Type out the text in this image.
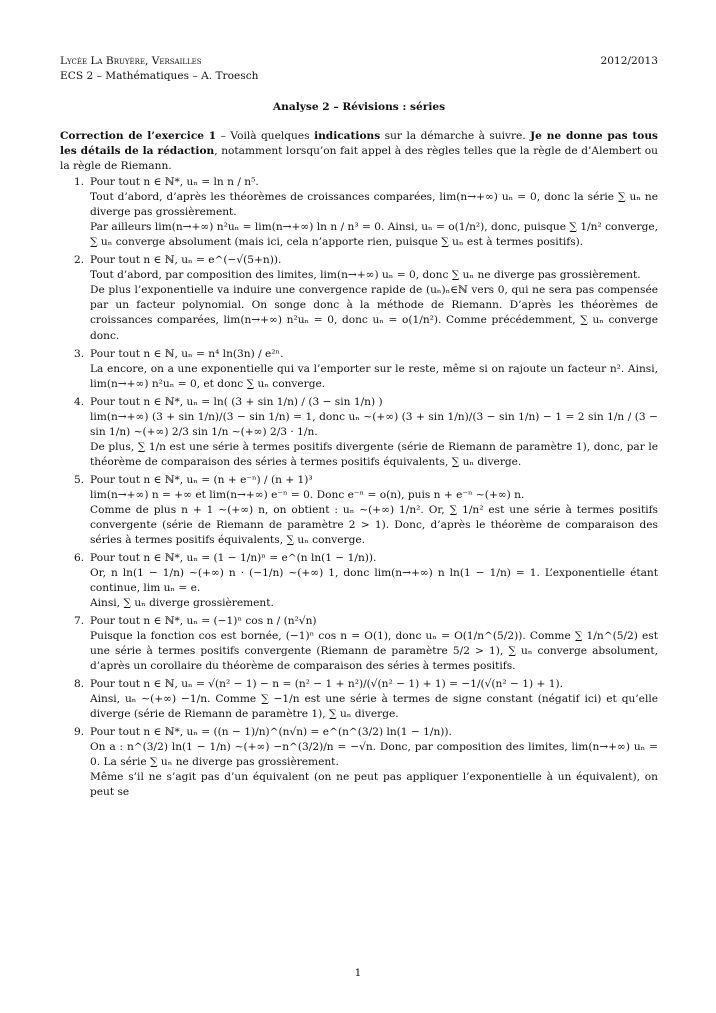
Lycée La Bruyère, Versailles	2012/2013
ECS 2 – Mathématiques – A. Troesch
Analyse 2 – Révisions : séries

Correction de l’exercice 1 – Voilà quelques indications sur la démarche à suivre. Je ne donne pas tous les détails de la rédaction, notamment lorsqu’on fait appel à des règles telles que la règle de d’Alembert ou la règle de Riemann.

1. Pour tout n ∈ ℕ*, uₙ = ln n / n⁵.
Tout d’abord, d’après les théorèmes de croissances comparées, lim(n→+∞) uₙ = 0, donc la série ∑ uₙ ne diverge pas grossièrement.
Par ailleurs lim(n→+∞) n²uₙ = lim(n→+∞) ln n / n³ = 0. Ainsi, uₙ = o(1/n²), donc, puisque ∑ 1/n² converge, ∑ uₙ converge absolument (mais ici, cela n’apporte rien, puisque ∑ uₙ est à termes positifs).
2. Pour tout n ∈ ℕ, uₙ = e^(−√(5+n)).
Tout d’abord, par composition des limites, lim(n→+∞) uₙ = 0, donc ∑ uₙ ne diverge pas grossièrement.
De plus l’exponentielle va induire une convergence rapide de (uₙ)ₙ∈ℕ vers 0, qui ne sera pas compensée par un facteur polynomial. On songe donc à la méthode de Riemann. D’après les théorèmes de croissances comparées, lim(n→+∞) n²uₙ = 0, donc uₙ = o(1/n²). Comme précédemment, ∑ uₙ converge donc.
3. Pour tout n ∈ ℕ, uₙ = n⁴ ln(3n) / e²ⁿ.
La encore, on a une exponentielle qui va l’emporter sur le reste, même si on rajoute un facteur n². Ainsi, lim(n→+∞) n²uₙ = 0, et donc ∑ uₙ converge.
4. Pour tout n ∈ ℕ*, uₙ = ln( (3 + sin 1/n) / (3 − sin 1/n) )
lim(n→+∞) (3 + sin 1/n)/(3 − sin 1/n) = 1, donc uₙ ∼(+∞) (3 + sin 1/n)/(3 − sin 1/n) − 1 = 2 sin 1/n / (3 − sin 1/n) ∼(+∞) 2/3 sin 1/n ∼(+∞) 2/3 · 1/n.
De plus, ∑ 1/n est une série à termes positifs divergente (série de Riemann de paramètre 1), donc, par le théorème de comparaison des séries à termes positifs équivalents, ∑ uₙ diverge.
5. Pour tout n ∈ ℕ*, uₙ = (n + e⁻ⁿ) / (n + 1)³
lim(n→+∞) n = +∞ et lim(n→+∞) e⁻ⁿ = 0. Donc e⁻ⁿ = o(n), puis n + e⁻ⁿ ∼(+∞) n.
Comme de plus n + 1 ∼(+∞) n, on obtient : uₙ ∼(+∞) 1/n². Or, ∑ 1/n² est une série à termes positifs convergente (série de Riemann de paramètre 2 > 1). Donc, d’après le théorème de comparaison des séries à termes positifs équivalents, ∑ uₙ converge.
6. Pour tout n ∈ ℕ*, uₙ = (1 − 1/n)ⁿ = e^(n ln(1 − 1/n)).
Or, n ln(1 − 1/n) ∼(+∞) n · (−1/n) ∼(+∞) 1, donc lim(n→+∞) n ln(1 − 1/n) = 1. L’exponentielle étant continue, lim uₙ = e.
Ainsi, ∑ uₙ diverge grossièrement.
7. Pour tout n ∈ ℕ*, uₙ = (−1)ⁿ cos n / (n²√n)
Puisque la fonction cos est bornée, (−1)ⁿ cos n = O(1), donc uₙ = O(1/n^(5/2)). Comme ∑ 1/n^(5/2) est une série à termes positifs convergente (Riemann de paramètre 5/2 > 1), ∑ uₙ converge absolument, d’après un corollaire du théorème de comparaison des séries à termes positifs.
8. Pour tout n ∈ ℕ, uₙ = √(n² − 1) − n = (n² − 1 + n²)/(√(n² − 1) + 1) = −1/(√(n² − 1) + 1).
Ainsi, uₙ ∼(+∞) −1/n. Comme ∑ −1/n est une série à termes de signe constant (négatif ici) et qu’elle diverge (série de Riemann de paramètre 1), ∑ uₙ diverge.
9. Pour tout n ∈ ℕ*, uₙ = ((n − 1)/n)^(n√n) = e^(n^(3/2) ln(1 − 1/n)).
On a : n^(3/2) ln(1 − 1/n) ∼(+∞) −n^(3/2)/n = −√n. Donc, par composition des limites, lim(n→+∞) uₙ = 0. La série ∑ uₙ ne diverge pas grossièrement.
Même s’il ne s’agit pas d’un équivalent (on ne peut pas appliquer l’exponentielle à un équivalent), on peut se
1
